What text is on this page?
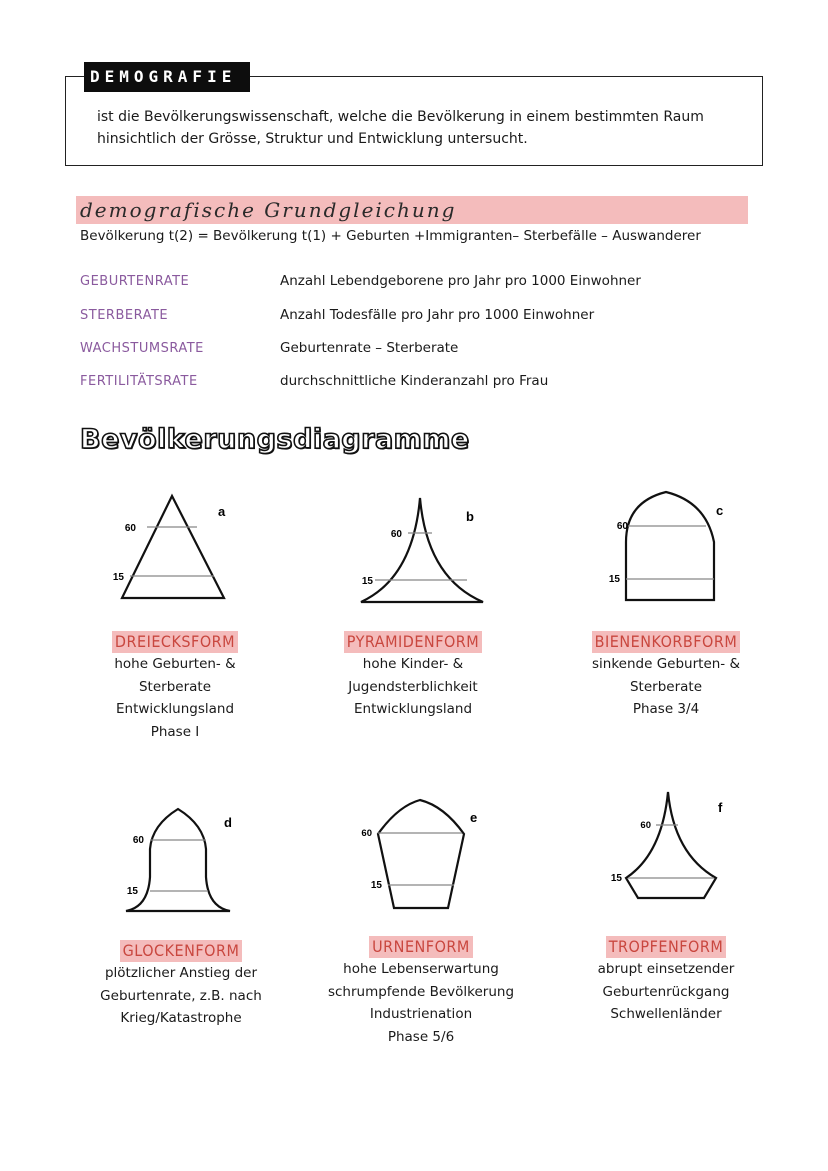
DEMOGRAFIE
ist die Bevölkerungswissenschaft, welche die Bevölkerung in einem bestimmten Raum
hinsichtlich der Grösse, Struktur und Entwicklung untersucht.
demografische Grundgleichung
Bevölkerung t(2) = Bevölkerung t(1) + Geburten +Immigranten– Sterbefälle – Auswanderer
GEBURTENRATE	Anzahl Lebendgeborene pro Jahr pro 1000 Einwohner
STERBERATE	Anzahl Todesfälle pro Jahr pro 1000 Einwohner
WACHSTUMSRATE	Geburtenrate – Sterberate
FERTILITÄTSRATE	durchschnittliche Kinderanzahl pro Frau
Bevölkerungsdiagramme
60
15
a
DREIECKSFORM
hohe Geburten- &
Sterberate
Entwicklungsland
Phase I
60
15
b
PYRAMIDENFORM
hohe Kinder- &
Jugendsterblichkeit
Entwicklungsland
60
15
c
BIENENKORBFORM
sinkende Geburten- &
Sterberate
Phase 3/4
60
15
d
GLOCKENFORM
plötzlicher Anstieg der
Geburtenrate, z.B. nach
Krieg/Katastrophe
60
15
e
URNENFORM
hohe Lebenserwartung
schrumpfende Bevölkerung
Industrienation
Phase 5/6
60
15
f
TROPFENFORM
abrupt einsetzender
Geburtenrückgang
Schwellenländer
